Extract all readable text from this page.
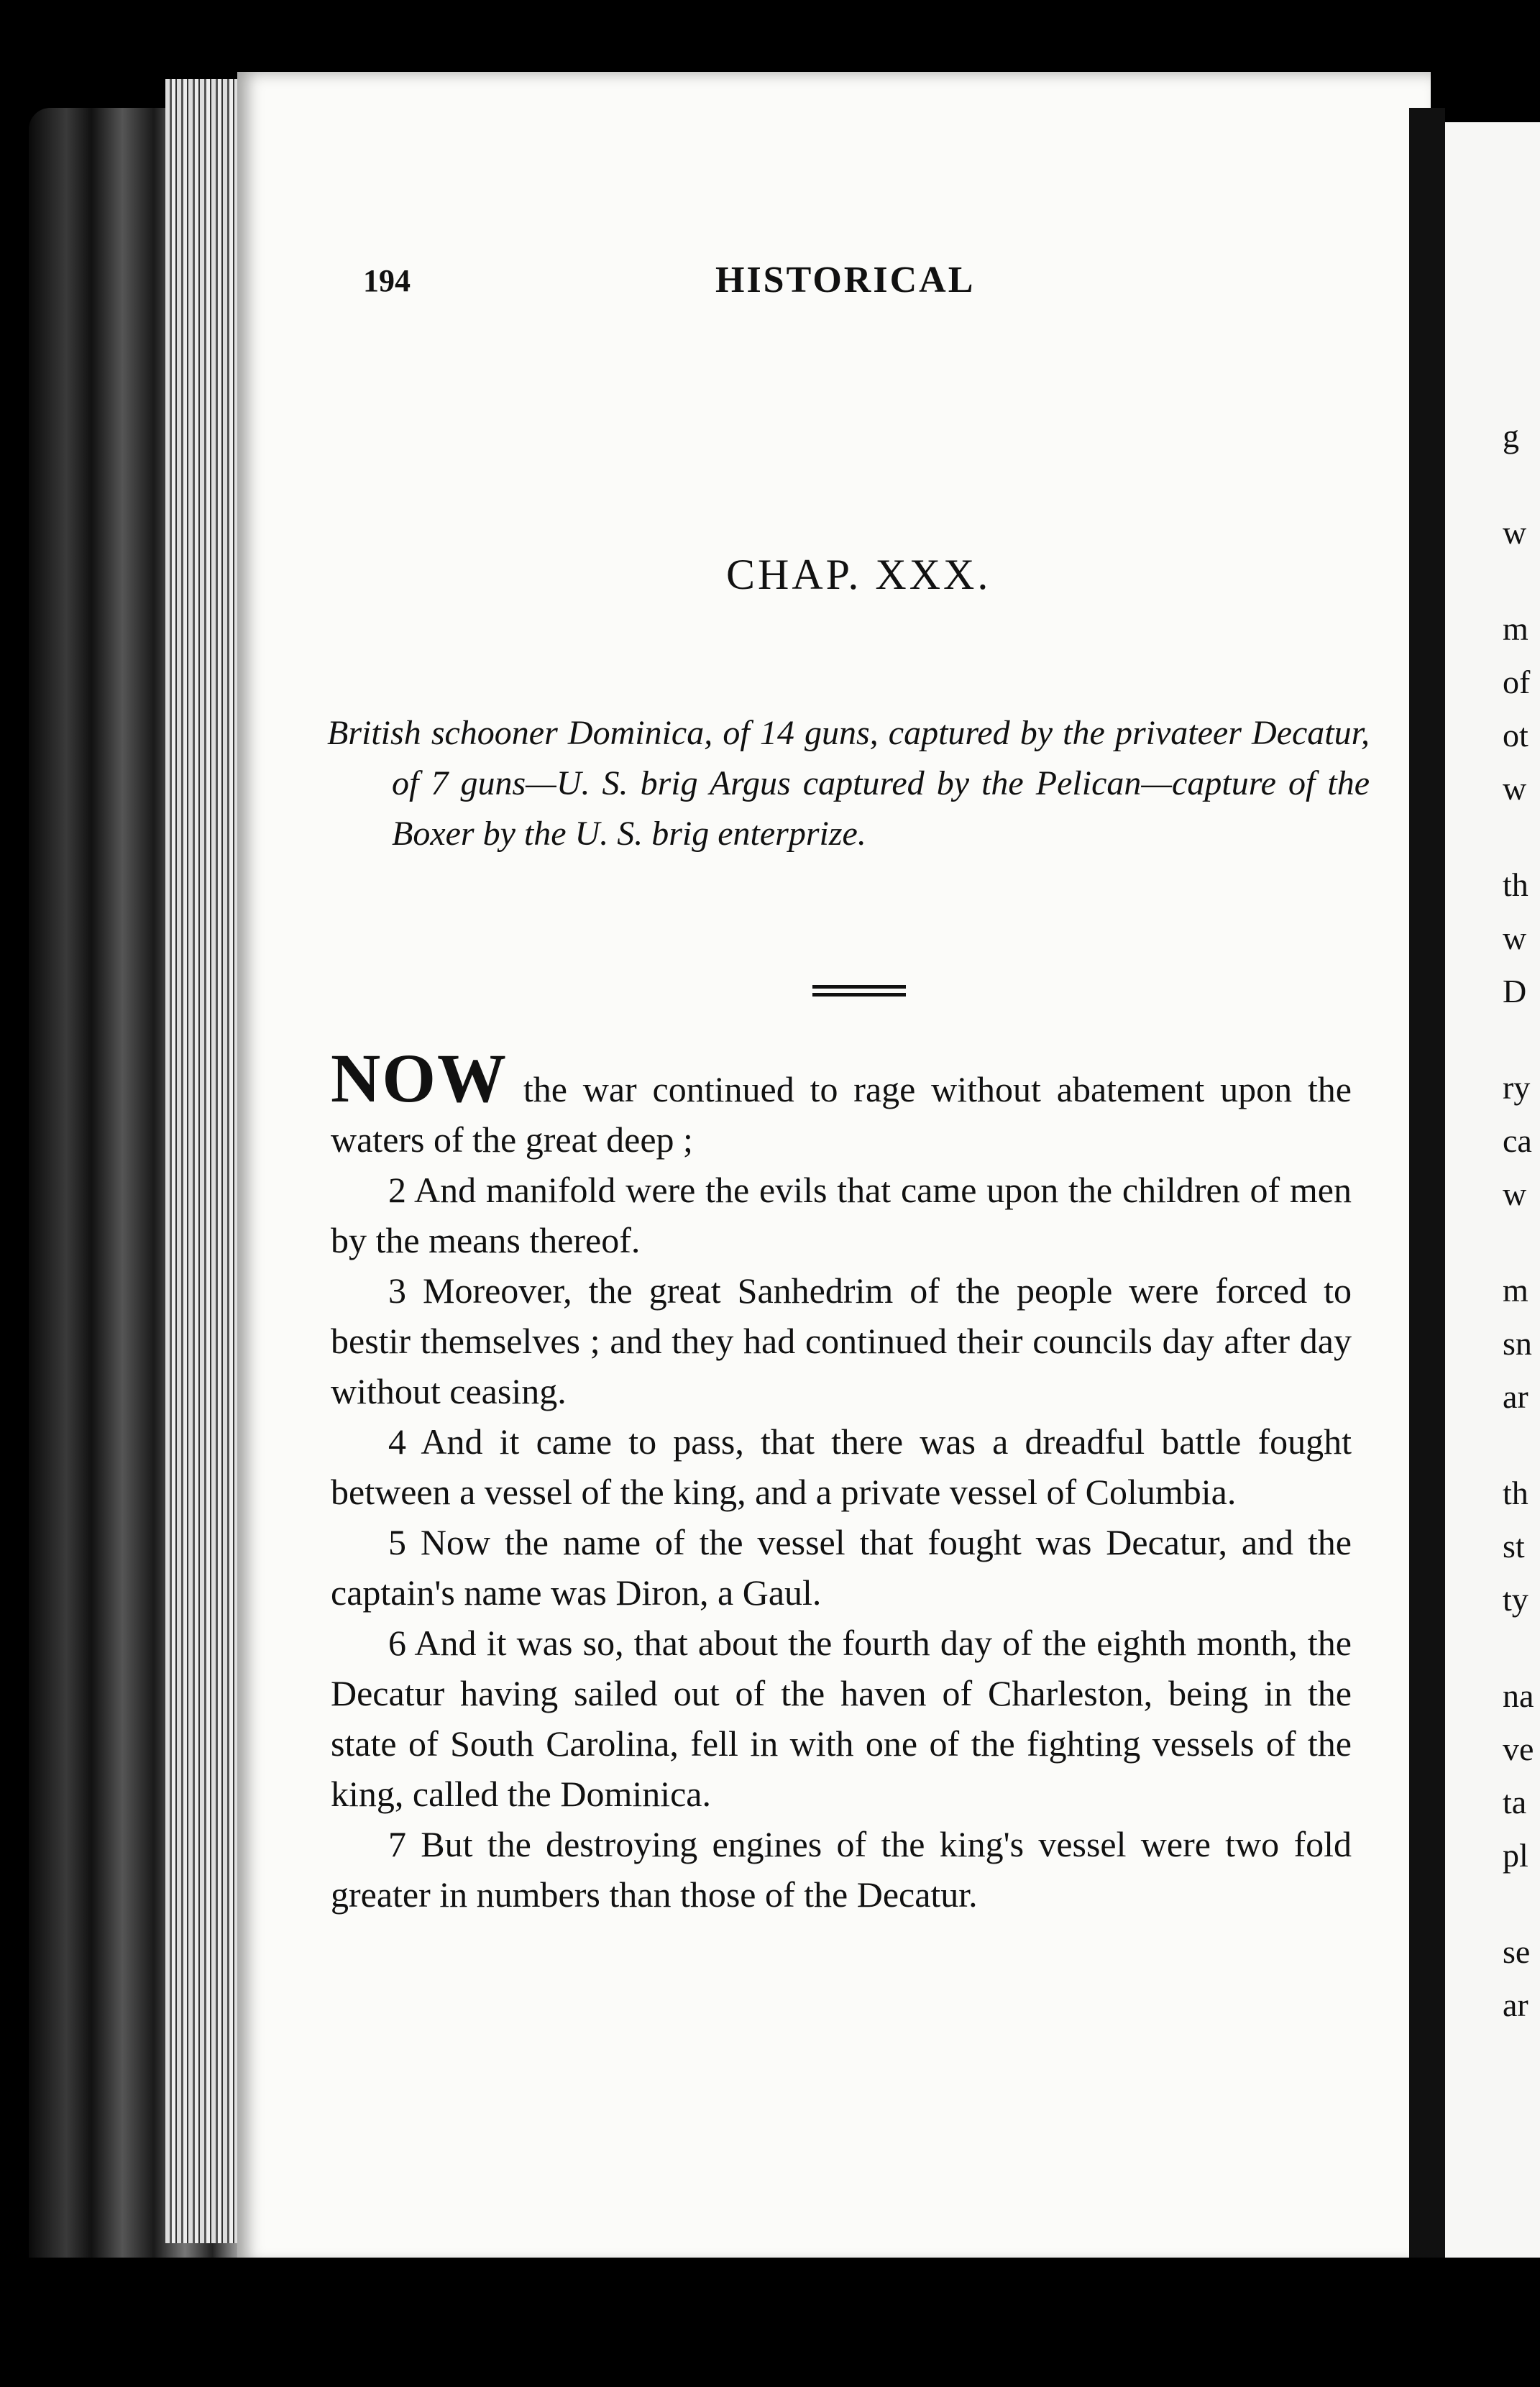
194	HISTORICAL
CHAP. XXX.
British schooner Dominica, of 14 guns, captured by the privateer Decatur, of 7 guns—U. S. brig Argus captured by the Pelican—capture of the Boxer by the U. S. brig enterprize.

NOW the war continued to rage without abatement upon the waters of the great deep ;

2 And manifold were the evils that came upon the children of men by the means thereof.

3 Moreover, the great Sanhedrim of the people were forced to bestir themselves ; and they had continued their councils day after day without ceasing.

4 And it came to pass, that there was a dreadful battle fought between a vessel of the king, and a private vessel of Columbia.

5 Now the name of the vessel that fought was Decatur, and the captain's name was Diron, a Gaul.

6 And it was so, that about the fourth day of the eighth month, the Decatur having sailed out of the haven of Charleston, being in the state of South Carolina, fell in with one of the fighting vessels of the king, called the Dominica.

7 But the destroying engines of the king's vessel were two fold greater in numbers than those of the Decatur.

g
w
m
of
ot
w
th
w
D
ry
ca
w
m
sn
ar
th
st
ty
na
ve
ta
pl
se
ar
